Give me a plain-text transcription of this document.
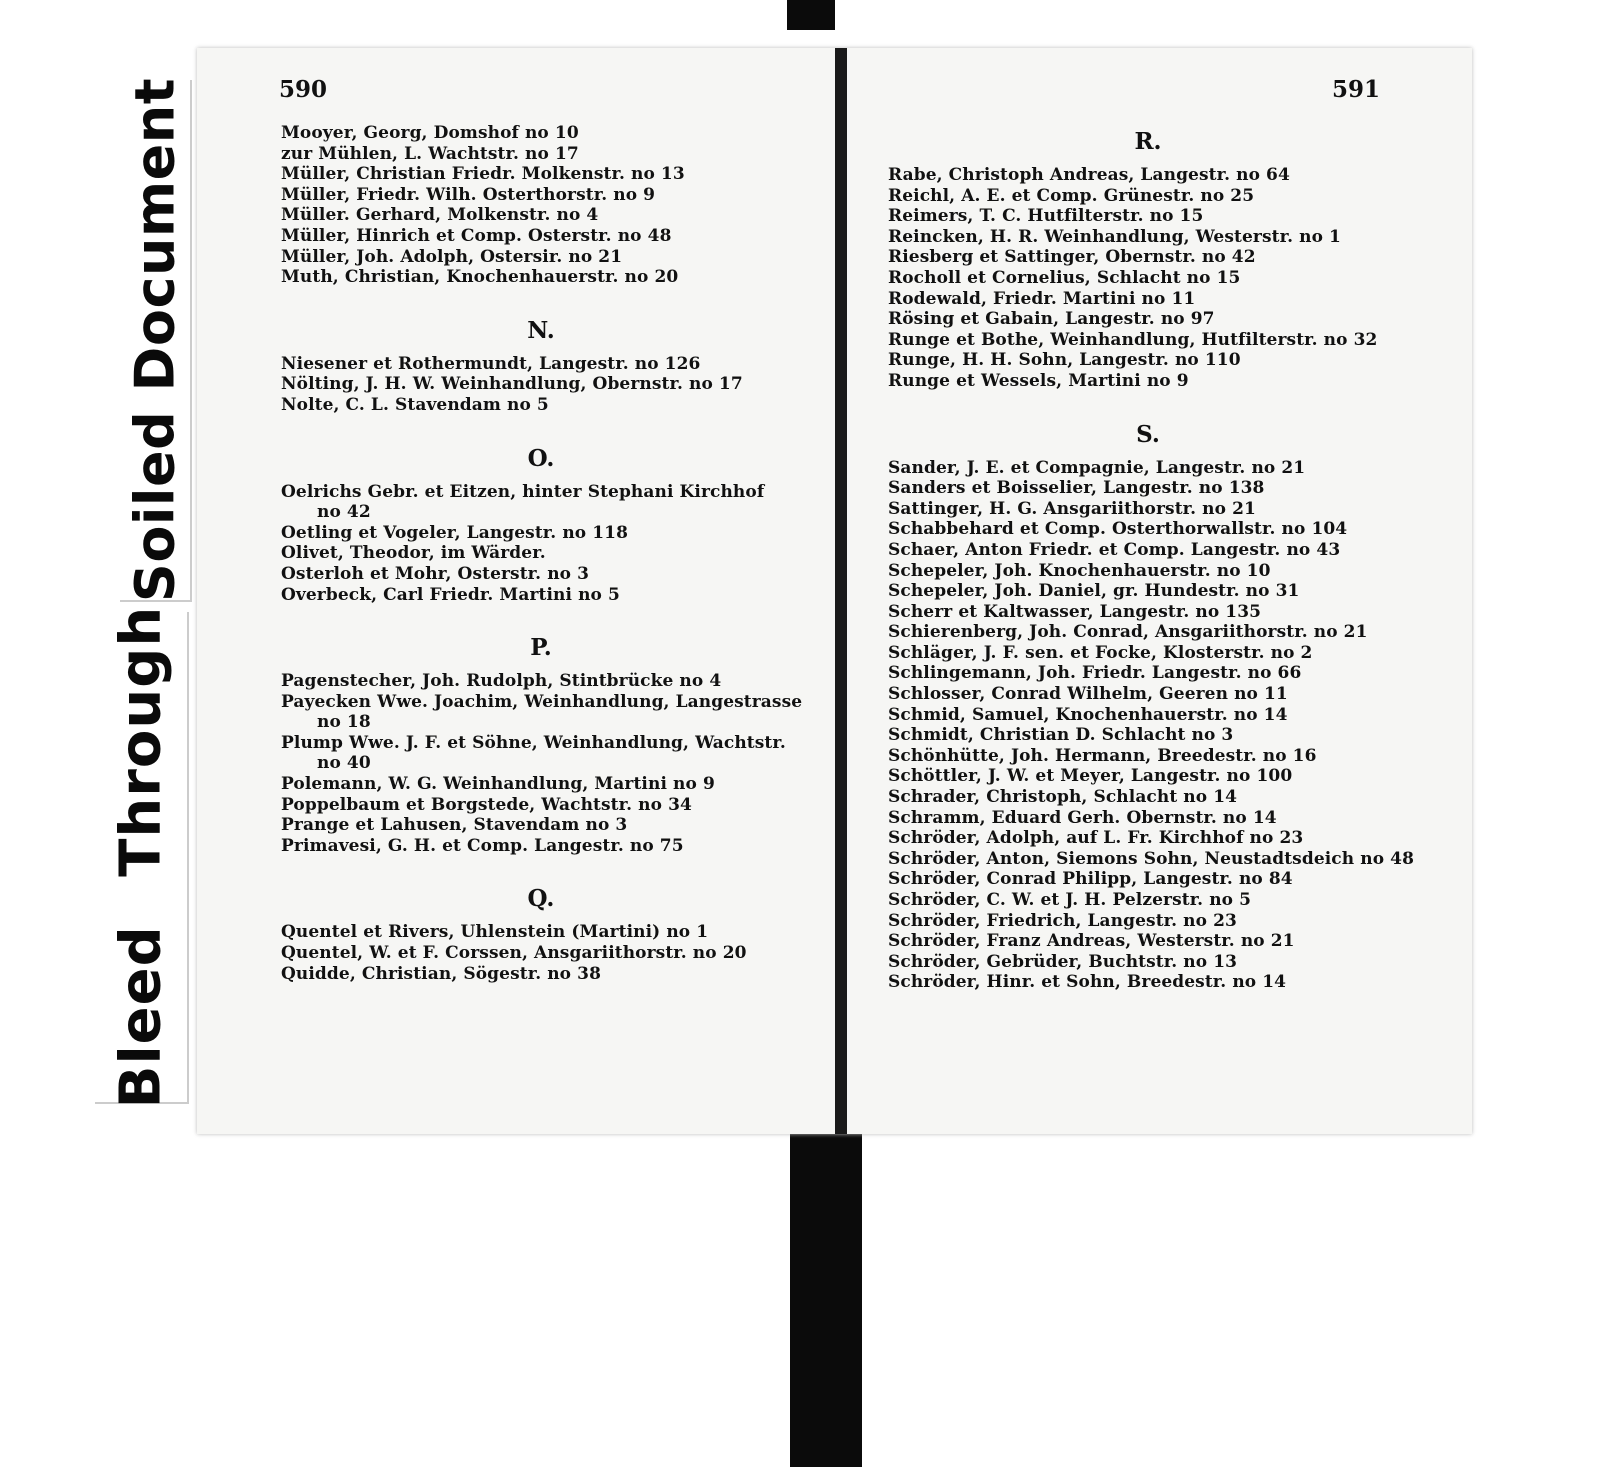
Soiled Document
Bleed Through
590
Mooyer, Georg, Domshof no 10
zur Mühlen, L. Wachtstr. no 17
Müller, Christian Friedr. Molkenstr. no 13
Müller, Friedr. Wilh. Osterthorstr. no 9
Müller. Gerhard, Molkenstr. no 4
Müller, Hinrich et Comp. Osterstr. no 48
Müller, Joh. Adolph, Ostersir. no 21
Muth, Christian, Knochenhauerstr. no 20
N.
Niesener et Rothermundt, Langestr. no 126
Nölting, J. H. W. Weinhandlung, Obernstr. no 17
Nolte, C. L. Stavendam no 5
O.
Oelrichs Gebr. et Eitzen, hinter Stephani Kirchhof
no 42
Oetling et Vogeler, Langestr. no 118
Olivet, Theodor, im Wärder.
Osterloh et Mohr, Osterstr. no 3
Overbeck, Carl Friedr. Martini no 5
P.
Pagenstecher, Joh. Rudolph, Stintbrücke no 4
Payecken Wwe. Joachim, Weinhandlung, Langestrasse
no 18
Plump Wwe. J. F. et Söhne, Weinhandlung, Wachtstr.
no 40
Polemann, W. G. Weinhandlung, Martini no 9
Poppelbaum et Borgstede, Wachtstr. no 34
Prange et Lahusen, Stavendam no 3
Primavesi, G. H. et Comp. Langestr. no 75
Q.
Quentel et Rivers, Uhlenstein (Martini) no 1
Quentel, W. et F. Corssen, Ansgariithorstr. no 20
Quidde, Christian, Sögestr. no 38
591
R.
Rabe, Christoph Andreas, Langestr. no 64
Reichl, A. E. et Comp. Grünestr. no 25
Reimers, T. C. Hutfilterstr. no 15
Reincken, H. R. Weinhandlung, Westerstr. no 1
Riesberg et Sattinger, Obernstr. no 42
Rocholl et Cornelius, Schlacht no 15
Rodewald, Friedr. Martini no 11
Rösing et Gabain, Langestr. no 97
Runge et Bothe, Weinhandlung, Hutfilterstr. no 32
Runge, H. H. Sohn, Langestr. no 110
Runge et Wessels, Martini no 9
S.
Sander, J. E. et Compagnie, Langestr. no 21
Sanders et Boisselier, Langestr. no 138
Sattinger, H. G. Ansgariithorstr. no 21
Schabbehard et Comp. Osterthorwallstr. no 104
Schaer, Anton Friedr. et Comp. Langestr. no 43
Schepeler, Joh. Knochenhauerstr. no 10
Schepeler, Joh. Daniel, gr. Hundestr. no 31
Scherr et Kaltwasser, Langestr. no 135
Schierenberg, Joh. Conrad, Ansgariithorstr. no 21
Schläger, J. F. sen. et Focke, Klosterstr. no 2
Schlingemann, Joh. Friedr. Langestr. no 66
Schlosser, Conrad Wilhelm, Geeren no 11
Schmid, Samuel, Knochenhauerstr. no 14
Schmidt, Christian D. Schlacht no 3
Schönhütte, Joh. Hermann, Breedestr. no 16
Schöttler, J. W. et Meyer, Langestr. no 100
Schrader, Christoph, Schlacht no 14
Schramm, Eduard Gerh. Obernstr. no 14
Schröder, Adolph, auf L. Fr. Kirchhof no 23
Schröder, Anton, Siemons Sohn, Neustadtsdeich no 48
Schröder, Conrad Philipp, Langestr. no 84
Schröder, C. W. et J. H. Pelzerstr. no 5
Schröder, Friedrich, Langestr. no 23
Schröder, Franz Andreas, Westerstr. no 21
Schröder, Gebrüder, Buchtstr. no 13
Schröder, Hinr. et Sohn, Breedestr. no 14
